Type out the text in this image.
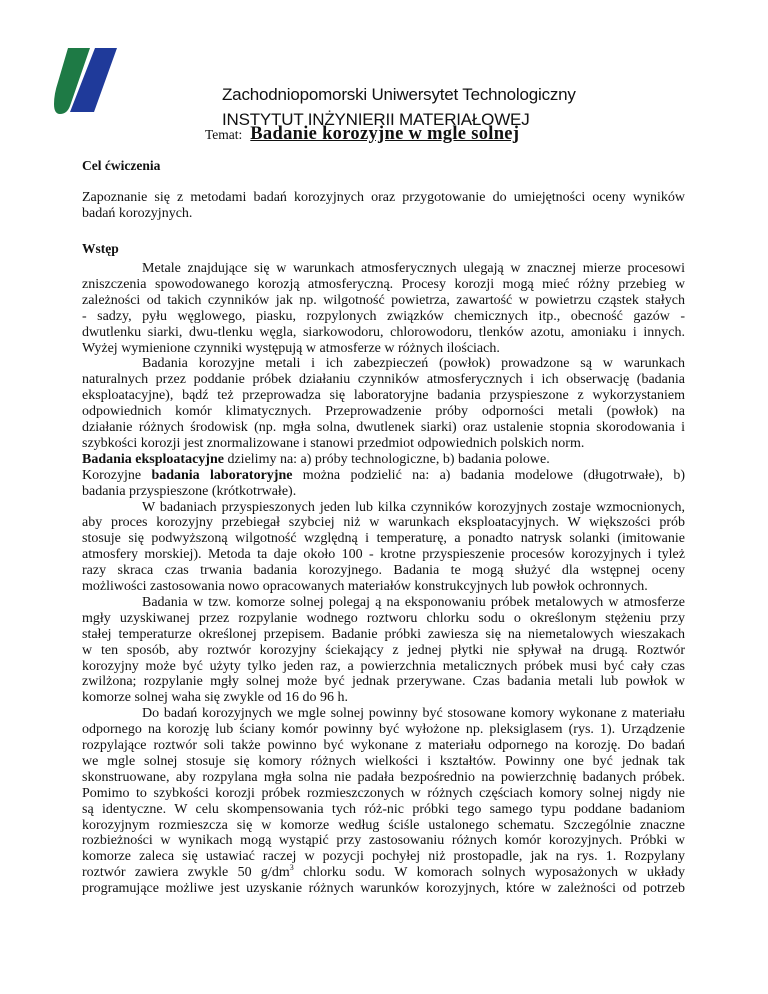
Zachodniopomorski Uniwersytet Technologiczny
INSTYTUT INŻYNIERII MATERIAŁOWEJ
Temat: Badanie korozyjne w mgle solnej
Cel ćwiczenia
Zapoznanie się z metodami badań korozyjnych oraz przygotowanie do umiejętności oceny wyników
badań korozyjnych.
Wstęp
Metale znajdujące się w warunkach atmosferycznych ulegają w znacznej mierze procesowi
zniszczenia spowodowanego korozją atmosferyczną. Procesy korozji mogą mieć różny przebieg w
zależności od takich czynników jak np. wilgotność powietrza, zawartość w powietrzu cząstek stałych
- sadzy, pyłu węglowego, piasku, rozpylonych związków chemicznych itp., obecność gazów -
dwutlenku siarki, dwu-tlenku węgla, siarkowodoru, chlorowodoru, tlenków azotu, amoniaku i innych.
Wyżej wymienione czynniki występują w atmosferze w różnych ilościach.
Badania korozyjne metali i ich zabezpieczeń (powłok) prowadzone są w warunkach
naturalnych przez poddanie próbek działaniu czynników atmosferycznych i ich obserwację (badania
eksploatacyjne), bądź też przeprowadza się laboratoryjne badania przyspieszone z wykorzystaniem
odpowiednich komór klimatycznych. Przeprowadzenie próby odporności metali (powłok) na
działanie różnych środowisk (np. mgła solna, dwutlenek siarki) oraz ustalenie stopnia skorodowania i
szybkości korozji jest znormalizowane i stanowi przedmiot odpowiednich polskich norm.
Badania eksploatacyjne dzielimy na: a) próby technologiczne, b) badania polowe.
Korozyjne badania laboratoryjne można podzielić na: a) badania modelowe (długotrwałe), b)
badania przyspieszone (krótkotrwałe).
W badaniach przyspieszonych jeden lub kilka czynników korozyjnych zostaje wzmocnionych,
aby proces korozyjny przebiegał szybciej niż w warunkach eksploatacyjnych. W większości prób
stosuje się podwyższoną wilgotność względną i temperaturę, a ponadto natrysk solanki (imitowanie
atmosfery morskiej). Metoda ta daje około 100 - krotne przyspieszenie procesów korozyjnych i tyleż
razy skraca czas trwania badania korozyjnego. Badania te mogą służyć dla wstępnej oceny
możliwości zastosowania nowo opracowanych materiałów konstrukcyjnych lub powłok ochronnych.
Badania w tzw. komorze solnej polegaj ą na eksponowaniu próbek metalowych w atmosferze
mgły uzyskiwanej przez rozpylanie wodnego roztworu chlorku sodu o określonym stężeniu przy
stałej temperaturze określonej przepisem. Badanie próbki zawiesza się na niemetalowych wieszakach
w ten sposób, aby roztwór korozyjny ściekający z jednej płytki nie spływał na drugą. Roztwór
korozyjny może być użyty tylko jeden raz, a powierzchnia metalicznych próbek musi być cały czas
zwilżona; rozpylanie mgły solnej może być jednak przerywane. Czas badania metali lub powłok w
komorze solnej waha się zwykle od 16 do 96 h.
Do badań korozyjnych we mgle solnej powinny być stosowane komory wykonane z materiału
odpornego na korozję lub ściany komór powinny być wyłożone np. pleksiglasem (rys. 1). Urządzenie
rozpylające roztwór soli także powinno być wykonane z materiału odpornego na korozję. Do badań
we mgle solnej stosuje się komory różnych wielkości i kształtów. Powinny one być jednak tak
skonstruowane, aby rozpylana mgła solna nie padała bezpośrednio na powierzchnię badanych próbek.
Pomimo to szybkości korozji próbek rozmieszczonych w różnych częściach komory solnej nigdy nie
są identyczne. W celu skompensowania tych róż-nic próbki tego samego typu poddane badaniom
korozyjnym rozmieszcza się w komorze według ściśle ustalonego schematu. Szczególnie znaczne
rozbieżności w wynikach mogą wystąpić przy zastosowaniu różnych komór korozyjnych. Próbki w
komorze zaleca się ustawiać raczej w pozycji pochyłej niż prostopadle, jak na rys. 1. Rozpylany
roztwór zawiera zwykle 50 $g/dm^3$ chlorku sodu. W komorach solnych wyposażonych w układy
programujące możliwe jest uzyskanie różnych warunków korozyjnych, które w zależności od potrzeb
